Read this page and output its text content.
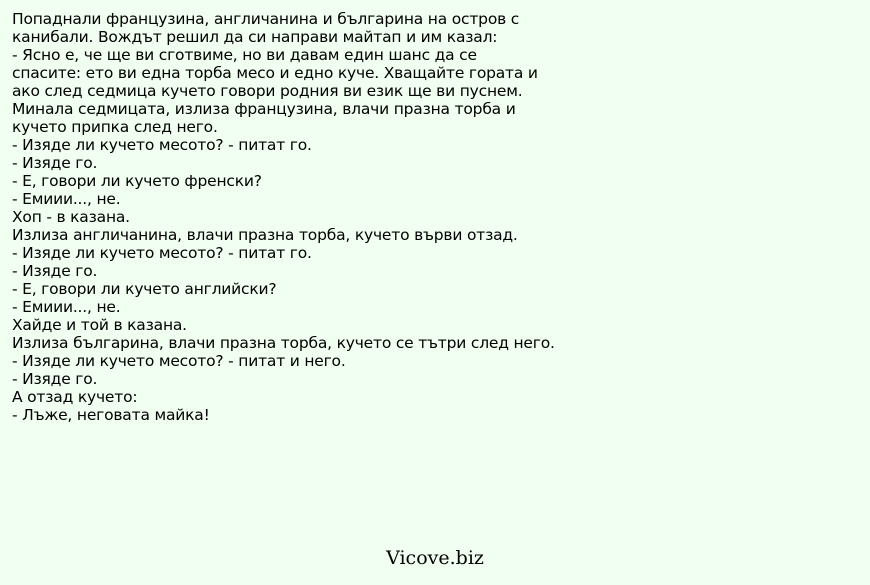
Попаднали французина, англичанина и българина на остров с
канибали. Вождът решил да си направи майтап и им казал:
- Ясно е, че ще ви сготвиме, но ви давам един шанс да се
спасите: ето ви една торба месо и едно куче. Хващайте гората и
ако след седмица кучето говори родния ви език ще ви пуснем.
Минала седмицата, излиза французина, влачи празна торба и
кучето припка след него.
- Изяде ли кучето месото? - питат го.
- Изяде го.
- Е, говори ли кучето френски?
- Емиии..., не.
Хоп - в казана.
Излиза англичанина, влачи празна торба, кучето върви отзад.
- Изяде ли кучето месото? - питат го.
- Изяде го.
- Е, говори ли кучето английски?
- Емиии..., не.
Хайде и той в казана.
Излиза българина, влачи празна торба, кучето се тътри след него.
- Изяде ли кучето месото? - питат и него.
- Изяде го.
А отзад кучето:
- Лъже, неговата майка!
Vicove.biz
